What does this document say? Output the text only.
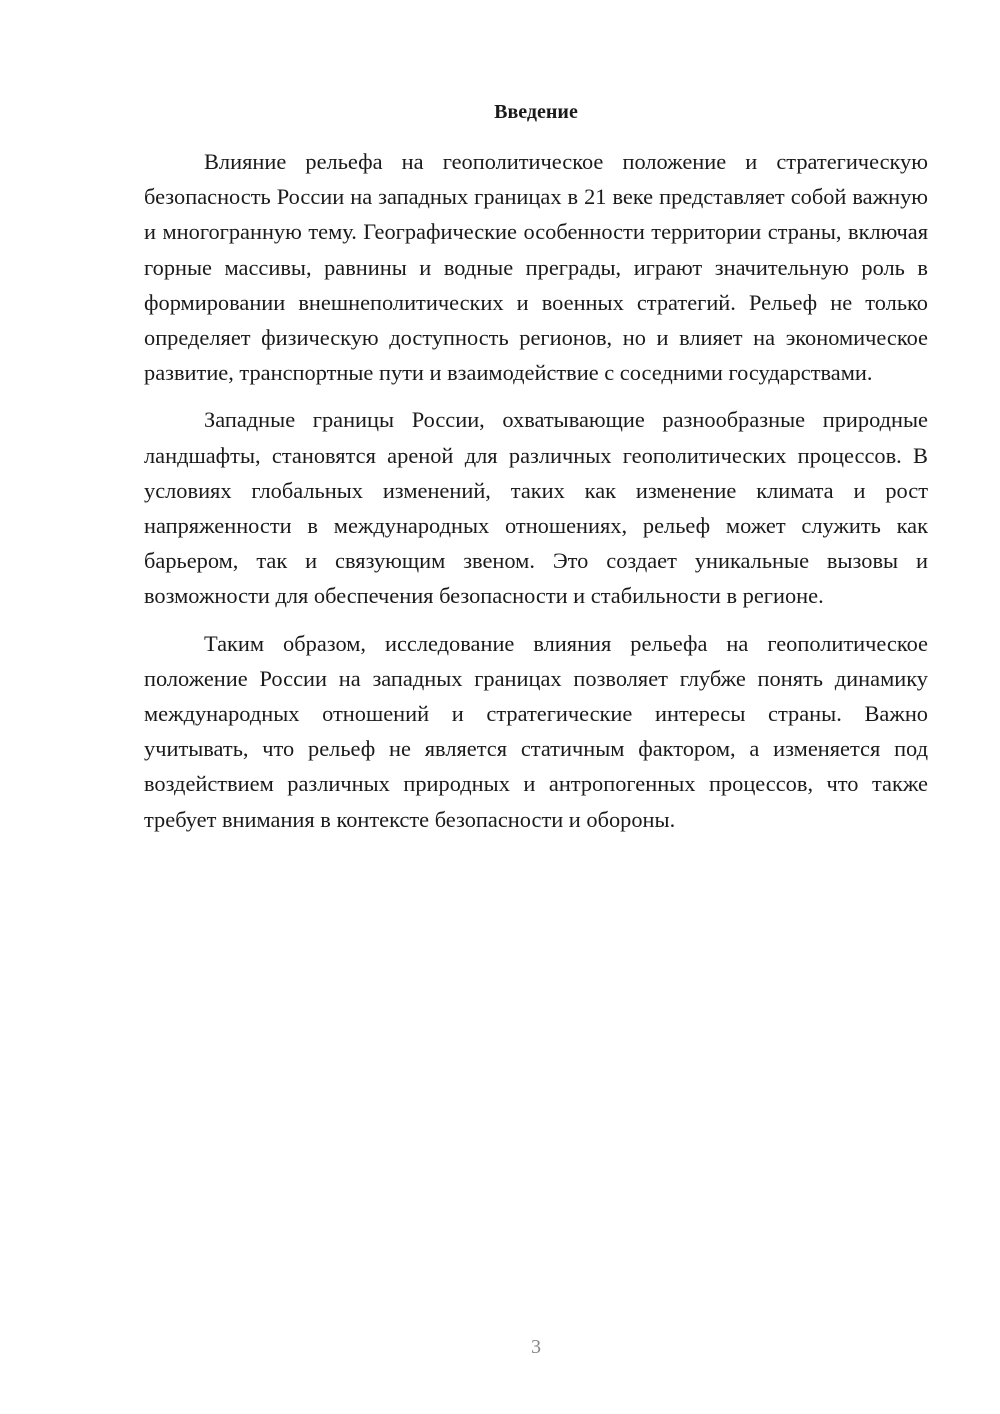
Введение

Влияние рельефа на геополитическое положение и стратегическую безопасность России на западных границах в 21 веке представляет собой важную и многогранную тему. Географические особенности территории страны, включая горные массивы, равнины и водные преграды, играют значительную роль в формировании внешнеполитических и военных стратегий. Рельеф не только определяет физическую доступность регионов, но и влияет на экономическое развитие, транспортные пути и взаимодействие с соседними государствами.

Западные границы России, охватывающие разнообразные природные ландшафты, становятся ареной для различных геополитических процессов. В условиях глобальных изменений, таких как изменение климата и рост напряженности в международных отношениях, рельеф может служить как барьером, так и связующим звеном. Это создает уникальные вызовы и возможности для обеспечения безопасности и стабильности в регионе.

Таким образом, исследование влияния рельефа на геополитическое положение России на западных границах позволяет глубже понять динамику международных отношений и стратегические интересы страны. Важно учитывать, что рельеф не является статичным фактором, а изменяется под воздействием различных природных и антропогенных процессов, что также требует внимания в контексте безопасности и обороны.

3
